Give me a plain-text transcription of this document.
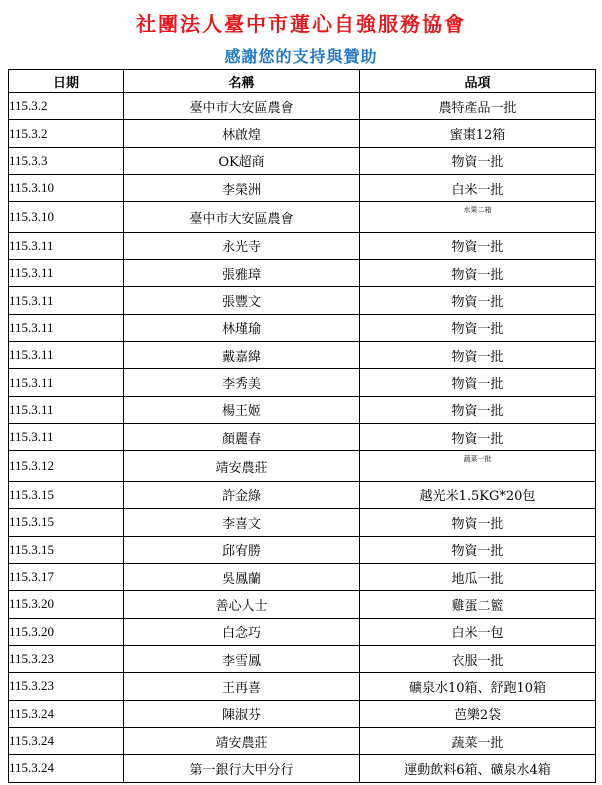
社團法人臺中市蓮心自強服務協會
感謝您的支持與贊助
日期	名稱	品項
115.3.2	臺中市大安區農會	農特產品一批
115.3.2	林啟煌	蜜棗12箱
115.3.3	OK超商	物資一批
115.3.10	李榮洲	白米一批
115.3.10	臺中市大安區農會	水果二箱
115.3.11	永光寺	物資一批
115.3.11	張雅璋	物資一批
115.3.11	張豐文	物資一批
115.3.11	林瑾瑜	物資一批
115.3.11	戴嘉緯	物資一批
115.3.11	李秀美	物資一批
115.3.11	楊王姬	物資一批
115.3.11	顏麗春	物資一批
115.3.12	靖安農莊	蔬菜一批
115.3.15	許金綠	越光米1.5KG*20包
115.3.15	李喜文	物資一批
115.3.15	邱宥勝	物資一批
115.3.17	吳鳳蘭	地瓜一批
115.3.20	善心人士	雞蛋二籃
115.3.20	白念巧	白米一包
115.3.23	李雪鳳	衣服一批
115.3.23	王再喜	礦泉水10箱、舒跑10箱
115.3.24	陳淑芬	芭樂2袋
115.3.24	靖安農莊	蔬菜一批
115.3.24	第一銀行大甲分行	運動飲料6箱、礦泉水4箱
